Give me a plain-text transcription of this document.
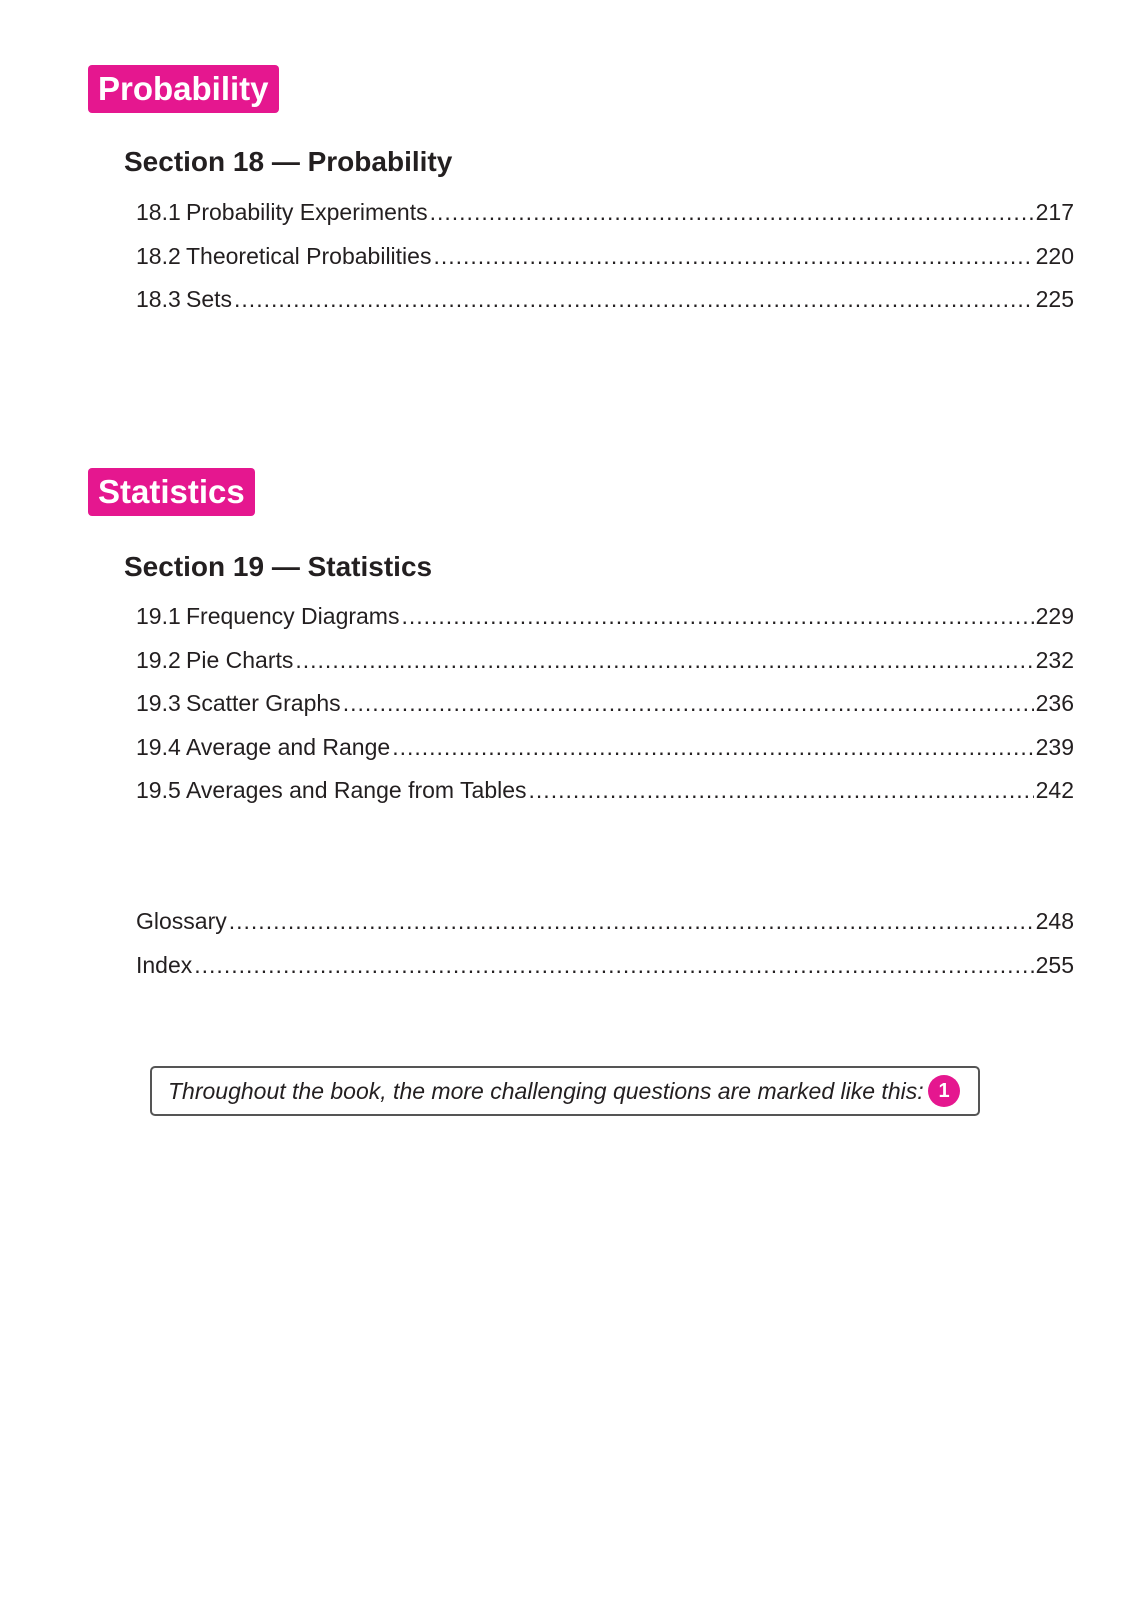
Probability
Section 18 — Probability
18.1 Probability Experiments .....	217
18.2 Theoretical Probabilities .....	220
18.3 Sets .....	225
Statistics
Section 19 — Statistics
19.1 Frequency Diagrams .....	229
19.2 Pie Charts .....	232
19.3 Scatter Graphs .....	236
19.4 Average and Range .....	239
19.5 Averages and Range from Tables .....	242
Glossary .....	248
Index .....	255
Throughout the book, the more challenging questions are marked like this: 1
